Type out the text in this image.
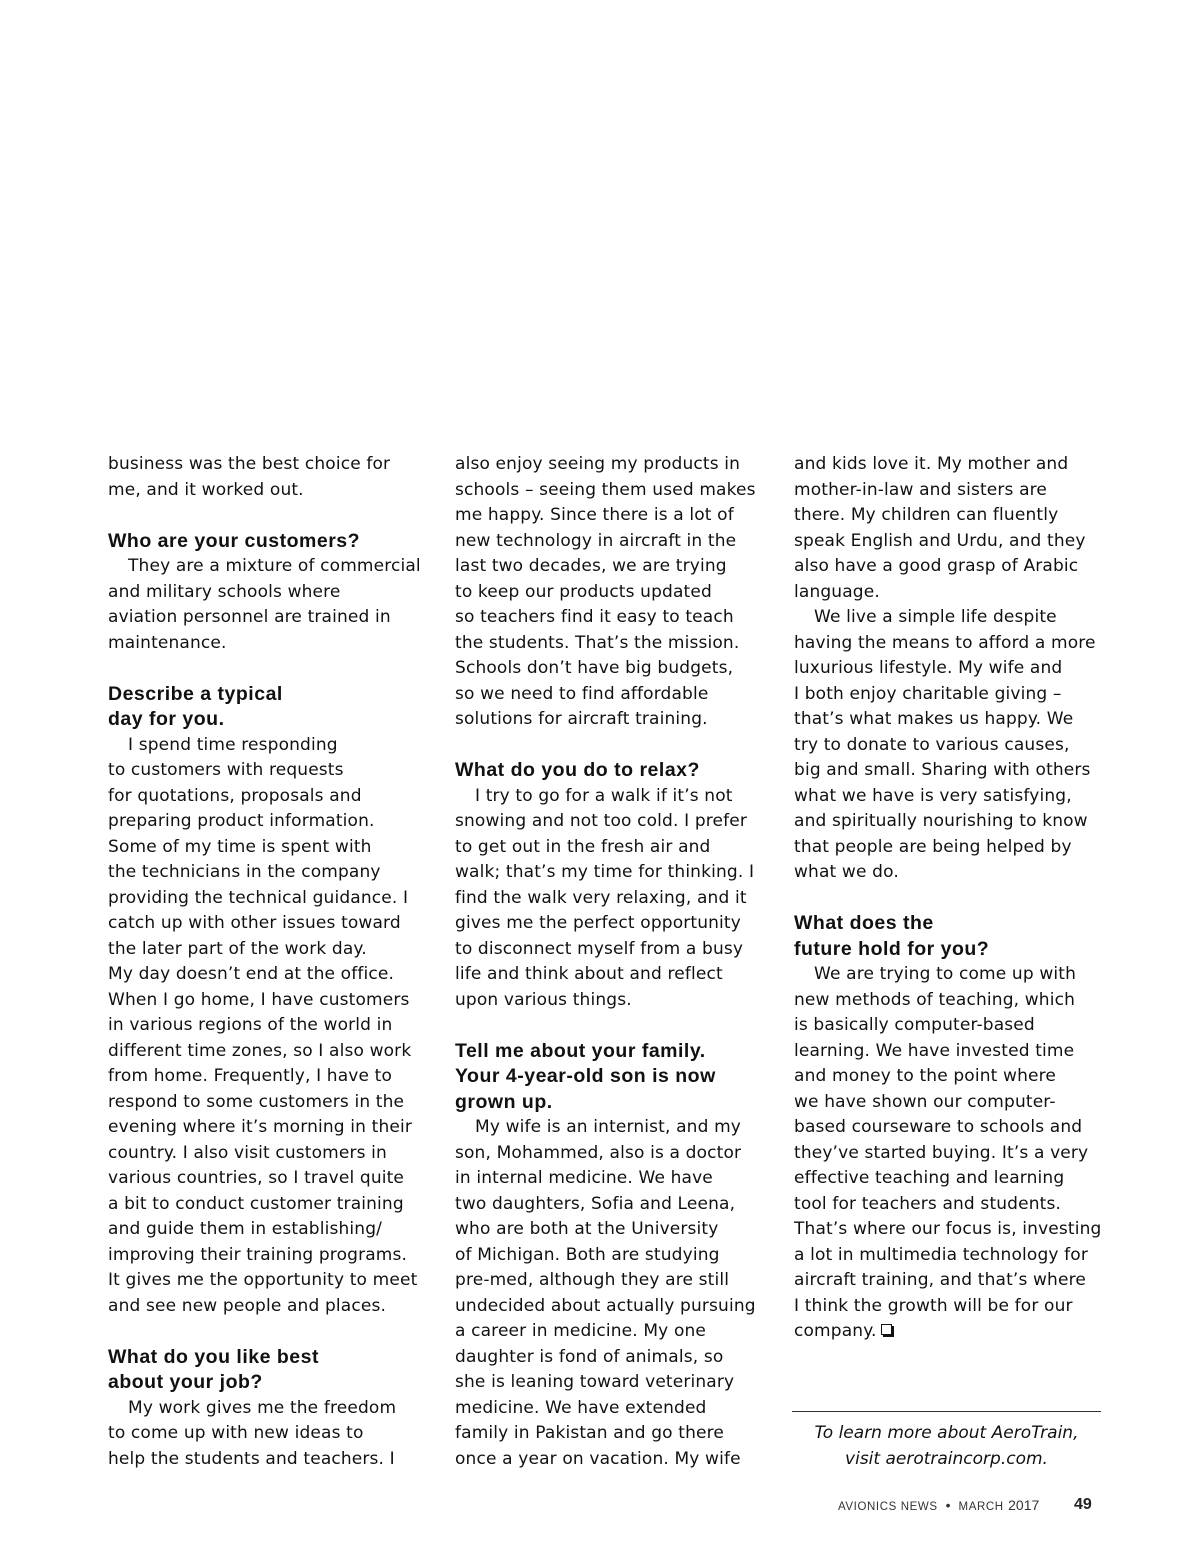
business was the best choice for
me, and it worked out.
Who are your customers?
They are a mixture of commercial
and military schools where
aviation personnel are trained in
maintenance.
Describe a typical
day for you.
I spend time responding
to customers with requests
for quotations, proposals and
preparing product information.
Some of my time is spent with
the technicians in the company
providing the technical guidance. I
catch up with other issues toward
the later part of the work day.
My day doesn’t end at the office.
When I go home, I have customers
in various regions of the world in
different time zones, so I also work
from home. Frequently, I have to
respond to some customers in the
evening where it’s morning in their
country. I also visit customers in
various countries, so I travel quite
a bit to conduct customer training
and guide them in establishing/
improving their training programs.
It gives me the opportunity to meet
and see new people and places.
What do you like best
about your job?
My work gives me the freedom
to come up with new ideas to
help the students and teachers. I
also enjoy seeing my products in
schools – seeing them used makes
me happy. Since there is a lot of
new technology in aircraft in the
last two decades, we are trying
to keep our products updated
so teachers find it easy to teach
the students. That’s the mission.
Schools don’t have big budgets,
so we need to find affordable
solutions for aircraft training.
What do you do to relax?
I try to go for a walk if it’s not
snowing and not too cold. I prefer
to get out in the fresh air and
walk; that’s my time for thinking. I
find the walk very relaxing, and it
gives me the perfect opportunity
to disconnect myself from a busy
life and think about and reflect
upon various things.
Tell me about your family.
Your 4-year-old son is now
grown up.
My wife is an internist, and my
son, Mohammed, also is a doctor
in internal medicine. We have
two daughters, Sofia and Leena,
who are both at the University
of Michigan. Both are studying
pre-med, although they are still
undecided about actually pursuing
a career in medicine. My one
daughter is fond of animals, so
she is leaning toward veterinary
medicine. We have extended
family in Pakistan and go there
once a year on vacation. My wife
and kids love it. My mother and
mother-in-law and sisters are
there. My children can fluently
speak English and Urdu, and they
also have a good grasp of Arabic
language.
We live a simple life despite
having the means to afford a more
luxurious lifestyle. My wife and
I both enjoy charitable giving –
that’s what makes us happy. We
try to donate to various causes,
big and small. Sharing with others
what we have is very satisfying,
and spiritually nourishing to know
that people are being helped by
what we do.
What does the
future hold for you?
We are trying to come up with
new methods of teaching, which
is basically computer-based
learning. We have invested time
and money to the point where
we have shown our computer-
based courseware to schools and
they’ve started buying. It’s a very
effective teaching and learning
tool for teachers and students.
That’s where our focus is, investing
a lot in multimedia technology for
aircraft training, and that’s where
I think the growth will be for our
company.
To learn more about AeroTrain,
visit aerotraincorp.com.
AVIONICS NEWS • MARCH 2017 49
